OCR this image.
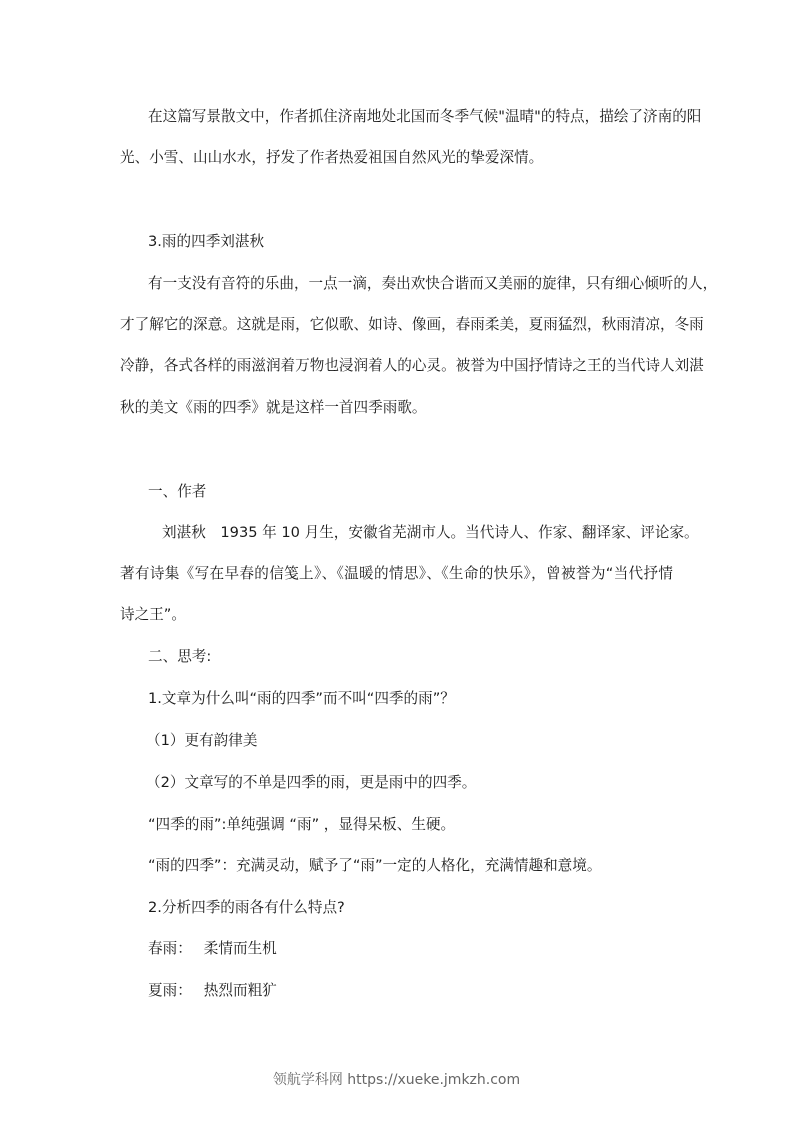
在这篇写景散文中，作者抓住济南地处北国而冬季气候"温晴"的特点，描绘了济南的阳
光、小雪、山山水水，抒发了作者热爱祖国自然风光的挚爱深情。
3.雨的四季刘湛秋
有一支没有音符的乐曲，一点一滴，奏出欢快合谐而又美丽的旋律，只有细心倾听的人，
才了解它的深意。这就是雨，它似歌、如诗、像画，春雨柔美，夏雨猛烈，秋雨清凉，冬雨
冷静，各式各样的雨滋润着万物也浸润着人的心灵。被誉为中国抒情诗之王的当代诗人刘湛
秋的美文《雨的四季》就是这样一首四季雨歌。
一、作者
刘湛秋　1935 年 10 月生，安徽省芜湖市人。当代诗人、作家、翻译家、评论家。
著有诗集《写在早春的信笺上》、《温暖的情思》、《生命的快乐》，曾被誉为“当代抒情
诗之王”。
二、思考:
1.文章为什么叫“雨的四季”而不叫“四季的雨”？
（1）更有韵律美
（2）文章写的不单是四季的雨，更是雨中的四季。
“四季的雨”:单纯强调 “雨” ，显得呆板、生硬。
“雨的四季”：充满灵动，赋予了“雨”一定的人格化，充满情趣和意境。
2.分析四季的雨各有什么特点?
春雨： 柔情而生机
夏雨： 热烈而粗犷
领航学科网 https://xueke.jmkzh.com
